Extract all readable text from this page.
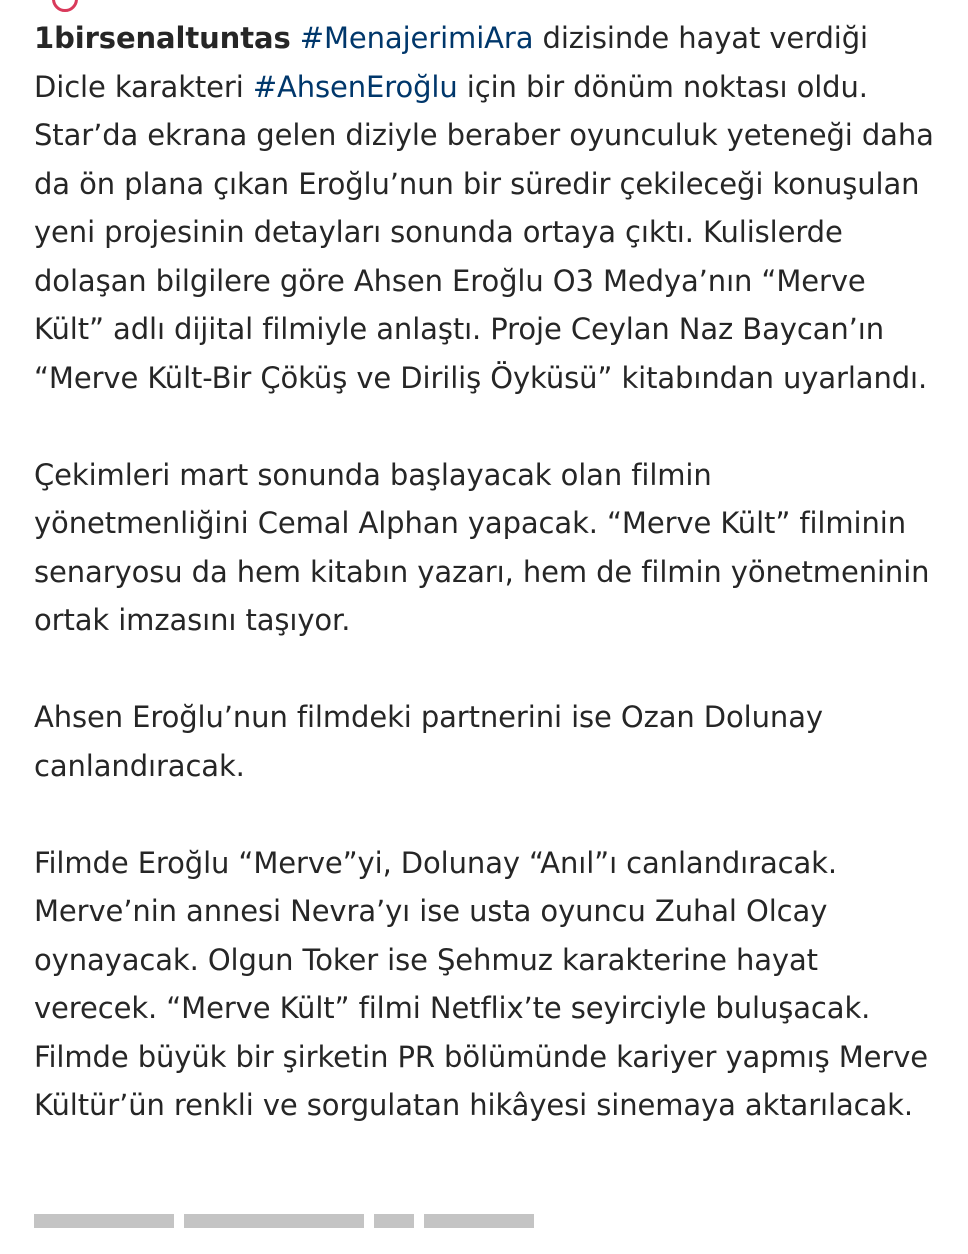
1birsenaltuntas #MenajerimiAra dizisinde hayat verdiği Dicle karakteri #AhsenEroğlu için bir dönüm noktası oldu. Star’da ekrana gelen diziyle beraber oyunculuk yeteneği daha da ön plana çıkan Eroğlu’nun bir süredir çekileceği konuşulan yeni projesinin detayları sonunda ortaya çıktı. Kulislerde dolaşan bilgilere göre Ahsen Eroğlu O3 Medya’nın “Merve Kült” adlı dijital filmiyle anlaştı. Proje Ceylan Naz Baycan’ın “Merve Kült-Bir Çöküş ve Diriliş Öyküsü” kitabından uyarlandı.

Çekimleri mart sonunda başlayacak olan filmin yönetmenliğini Cemal Alphan yapacak. “Merve Kült” filminin senaryosu da hem kitabın yazarı, hem de filmin yönetmeninin ortak imzasını taşıyor.

Ahsen Eroğlu’nun filmdeki partnerini ise Ozan Dolunay canlandıracak.

Filmde Eroğlu “Merve”yi, Dolunay “Anıl”ı canlandıracak. Merve’nin annesi Nevra’yı ise usta oyuncu Zuhal Olcay oynayacak. Olgun Toker ise Şehmuz karakterine hayat verecek. “Merve Kült” filmi Netflix’te seyirciyle buluşacak. Filmde büyük bir şirketin PR bölümünde kariyer yapmış Merve Kültür’ün renkli ve sorgulatan hikâyesi sinemaya aktarılacak.
